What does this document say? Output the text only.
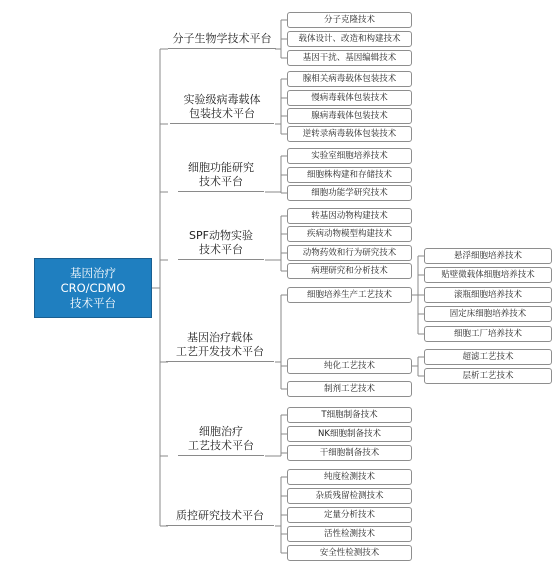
基因治疗
CRO/CDMO
技术平台
分子生物学技术平台
实验级病毒载体
包装技术平台
细胞功能研究
技术平台
SPF动物实验
技术平台
基因治疗载体
工艺开发技术平台
细胞治疗
工艺技术平台
质控研究技术平台
分子克隆技术
载体设计、改造和构建技术
基因干扰、基因编辑技术
腺相关病毒载体包装技术
慢病毒载体包装技术
腺病毒载体包装技术
逆转录病毒载体包装技术
实验室细胞培养技术
细胞株构建和存储技术
细胞功能学研究技术
转基因动物构建技术
疾病动物模型构建技术
动物药效和行为研究技术
病理研究和分析技术
细胞培养生产工艺技术
纯化工艺技术
制剂工艺技术
悬浮细胞培养技术
贴壁微载体细胞培养技术
滚瓶细胞培养技术
固定床细胞培养技术
细胞工厂培养技术
超滤工艺技术
层析工艺技术
T细胞制备技术
NK细胞制备技术
干细胞制备技术
纯度检测技术
杂质残留检测技术
定量分析技术
活性检测技术
安全性检测技术
